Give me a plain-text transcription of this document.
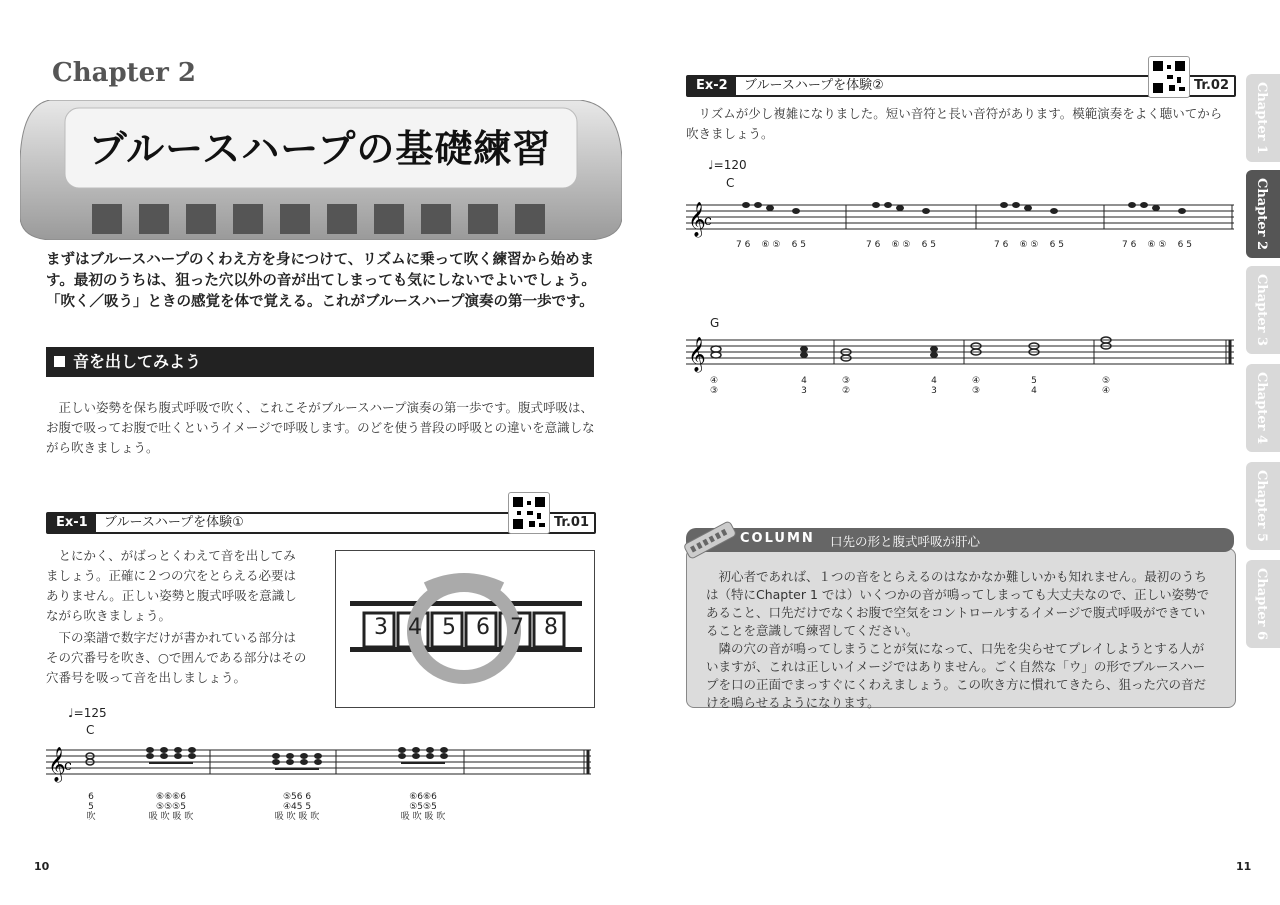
Chapter 2
ブルースハープの基礎練習
まずはブルースハープのくわえ方を身につけて、リズムに乗って吹く練習から始めます。最初のうちは、狙った穴以外の音が出てしまっても気にしないでよいでしょう。「吹く／吸う」ときの感覚を体で覚える。これがブルースハープ演奏の第一歩です。
音を出してみよう
正しい姿勢を保ち腹式呼吸で吹く、これこそがブルースハープ演奏の第一歩です。腹式呼吸は、お腹で吸ってお腹で吐くというイメージで呼吸します。のどを使う普段の呼吸との違いを意識しながら吹きましょう。
Ex-1	ブルースハープを体験①	Tr.01
とにかく、がばっとくわえて音を出してみましょう。正確に２つの穴をとらえる必要はありません。正しい姿勢と腹式呼吸を意識しながら吹きましょう。
下の楽譜で数字だけが書かれている部分はその穴番号を吹き、○で囲んである部分はその穴番号を吸って音を出しましょう。
3 4 5 6 7 8
♩=125
C
𝄞
c
6
5
吹
⑥⑥⑥6
⑤⑤⑤5
吸 吹 吸 吹
⑤56 6
④45 5
吸 吹 吸 吹
⑥6⑥6
⑤5⑤5
吸 吹 吸 吹
10
Ex-2	ブルースハープを体験②	Tr.02
リズムが少し複雑になりました。短い音符と長い音符があります。模範演奏をよく聴いてから吹きましょう。
♩=120
C
𝄞
c
7 6 ⑥ ⑤ 6 5	7 6 ⑥ ⑤ 6 5	7 6 ⑥ ⑤ 6 5	7 6 ⑥ ⑤ 6 5
G
𝄞
④ ③
4 3
③ ②
4 3
④ ③
5 4
⑤ ④
COLUMN 口先の形と腹式呼吸が肝心
初心者であれば、１つの音をとらえるのはなかなか難しいかも知れません。最初のうちは（特にChapter 1 では）いくつかの音が鳴ってしまっても大丈夫なので、正しい姿勢であること、口先だけでなくお腹で空気をコントロールするイメージで腹式呼吸ができていることを意識して練習してください。
隣の穴の音が鳴ってしまうことが気になって、口先を尖らせてプレイしようとする人がいますが、これは正しいイメージではありません。ごく自然な「ウ」の形でブルースハープを口の正面でまっすぐにくわえましょう。この吹き方に慣れてきたら、狙った穴の音だけを鳴らせるようになります。
Chapter 1
Chapter 2
Chapter 3
Chapter 4
Chapter 5
Chapter 6
11
